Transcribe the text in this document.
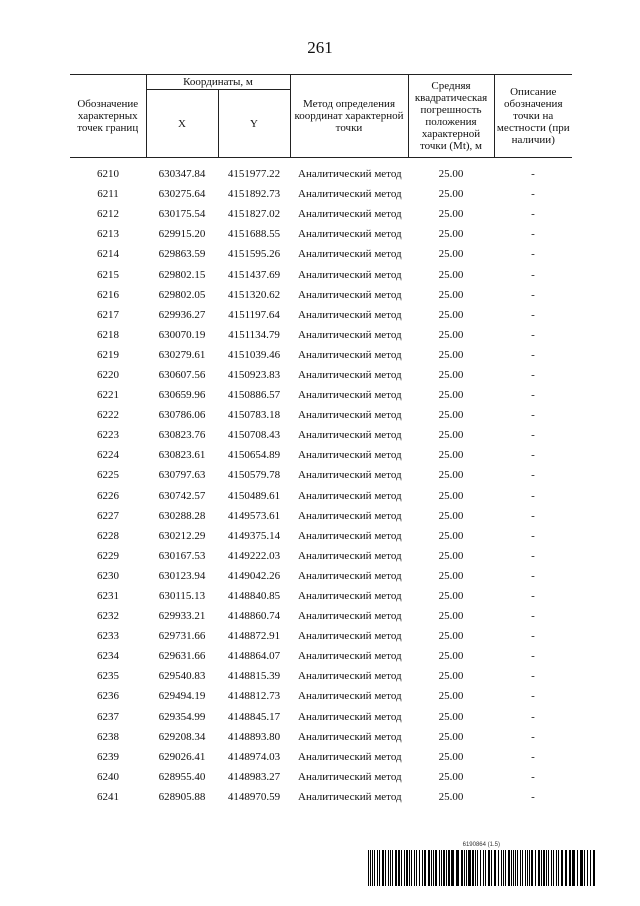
261
Обозначение характерных точек границ	Координаты, м		Метод определения координат характерной точки	Средняя квадратическая погрешность положения характерной точки (Mt), м	Описание обозначения точки на местности (при наличии)
	X	Y			
6210	630347.84	4151977.22	Аналитический метод	25.00	-
6211	630275.64	4151892.73	Аналитический метод	25.00	-
6212	630175.54	4151827.02	Аналитический метод	25.00	-
6213	629915.20	4151688.55	Аналитический метод	25.00	-
6214	629863.59	4151595.26	Аналитический метод	25.00	-
6215	629802.15	4151437.69	Аналитический метод	25.00	-
6216	629802.05	4151320.62	Аналитический метод	25.00	-
6217	629936.27	4151197.64	Аналитический метод	25.00	-
6218	630070.19	4151134.79	Аналитический метод	25.00	-
6219	630279.61	4151039.46	Аналитический метод	25.00	-
6220	630607.56	4150923.83	Аналитический метод	25.00	-
6221	630659.96	4150886.57	Аналитический метод	25.00	-
6222	630786.06	4150783.18	Аналитический метод	25.00	-
6223	630823.76	4150708.43	Аналитический метод	25.00	-
6224	630823.61	4150654.89	Аналитический метод	25.00	-
6225	630797.63	4150579.78	Аналитический метод	25.00	-
6226	630742.57	4150489.61	Аналитический метод	25.00	-
6227	630288.28	4149573.61	Аналитический метод	25.00	-
6228	630212.29	4149375.14	Аналитический метод	25.00	-
6229	630167.53	4149222.03	Аналитический метод	25.00	-
6230	630123.94	4149042.26	Аналитический метод	25.00	-
6231	630115.13	4148840.85	Аналитический метод	25.00	-
6232	629933.21	4148860.74	Аналитический метод	25.00	-
6233	629731.66	4148872.91	Аналитический метод	25.00	-
6234	629631.66	4148864.07	Аналитический метод	25.00	-
6235	629540.83	4148815.39	Аналитический метод	25.00	-
6236	629494.19	4148812.73	Аналитический метод	25.00	-
6237	629354.99	4148845.17	Аналитический метод	25.00	-
6238	629208.34	4148893.80	Аналитический метод	25.00	-
6239	629026.41	4148974.03	Аналитический метод	25.00	-
6240	628955.40	4148983.27	Аналитический метод	25.00	-
6241	628905.88	4148970.59	Аналитический метод	25.00	-
6190864 (1.5)
